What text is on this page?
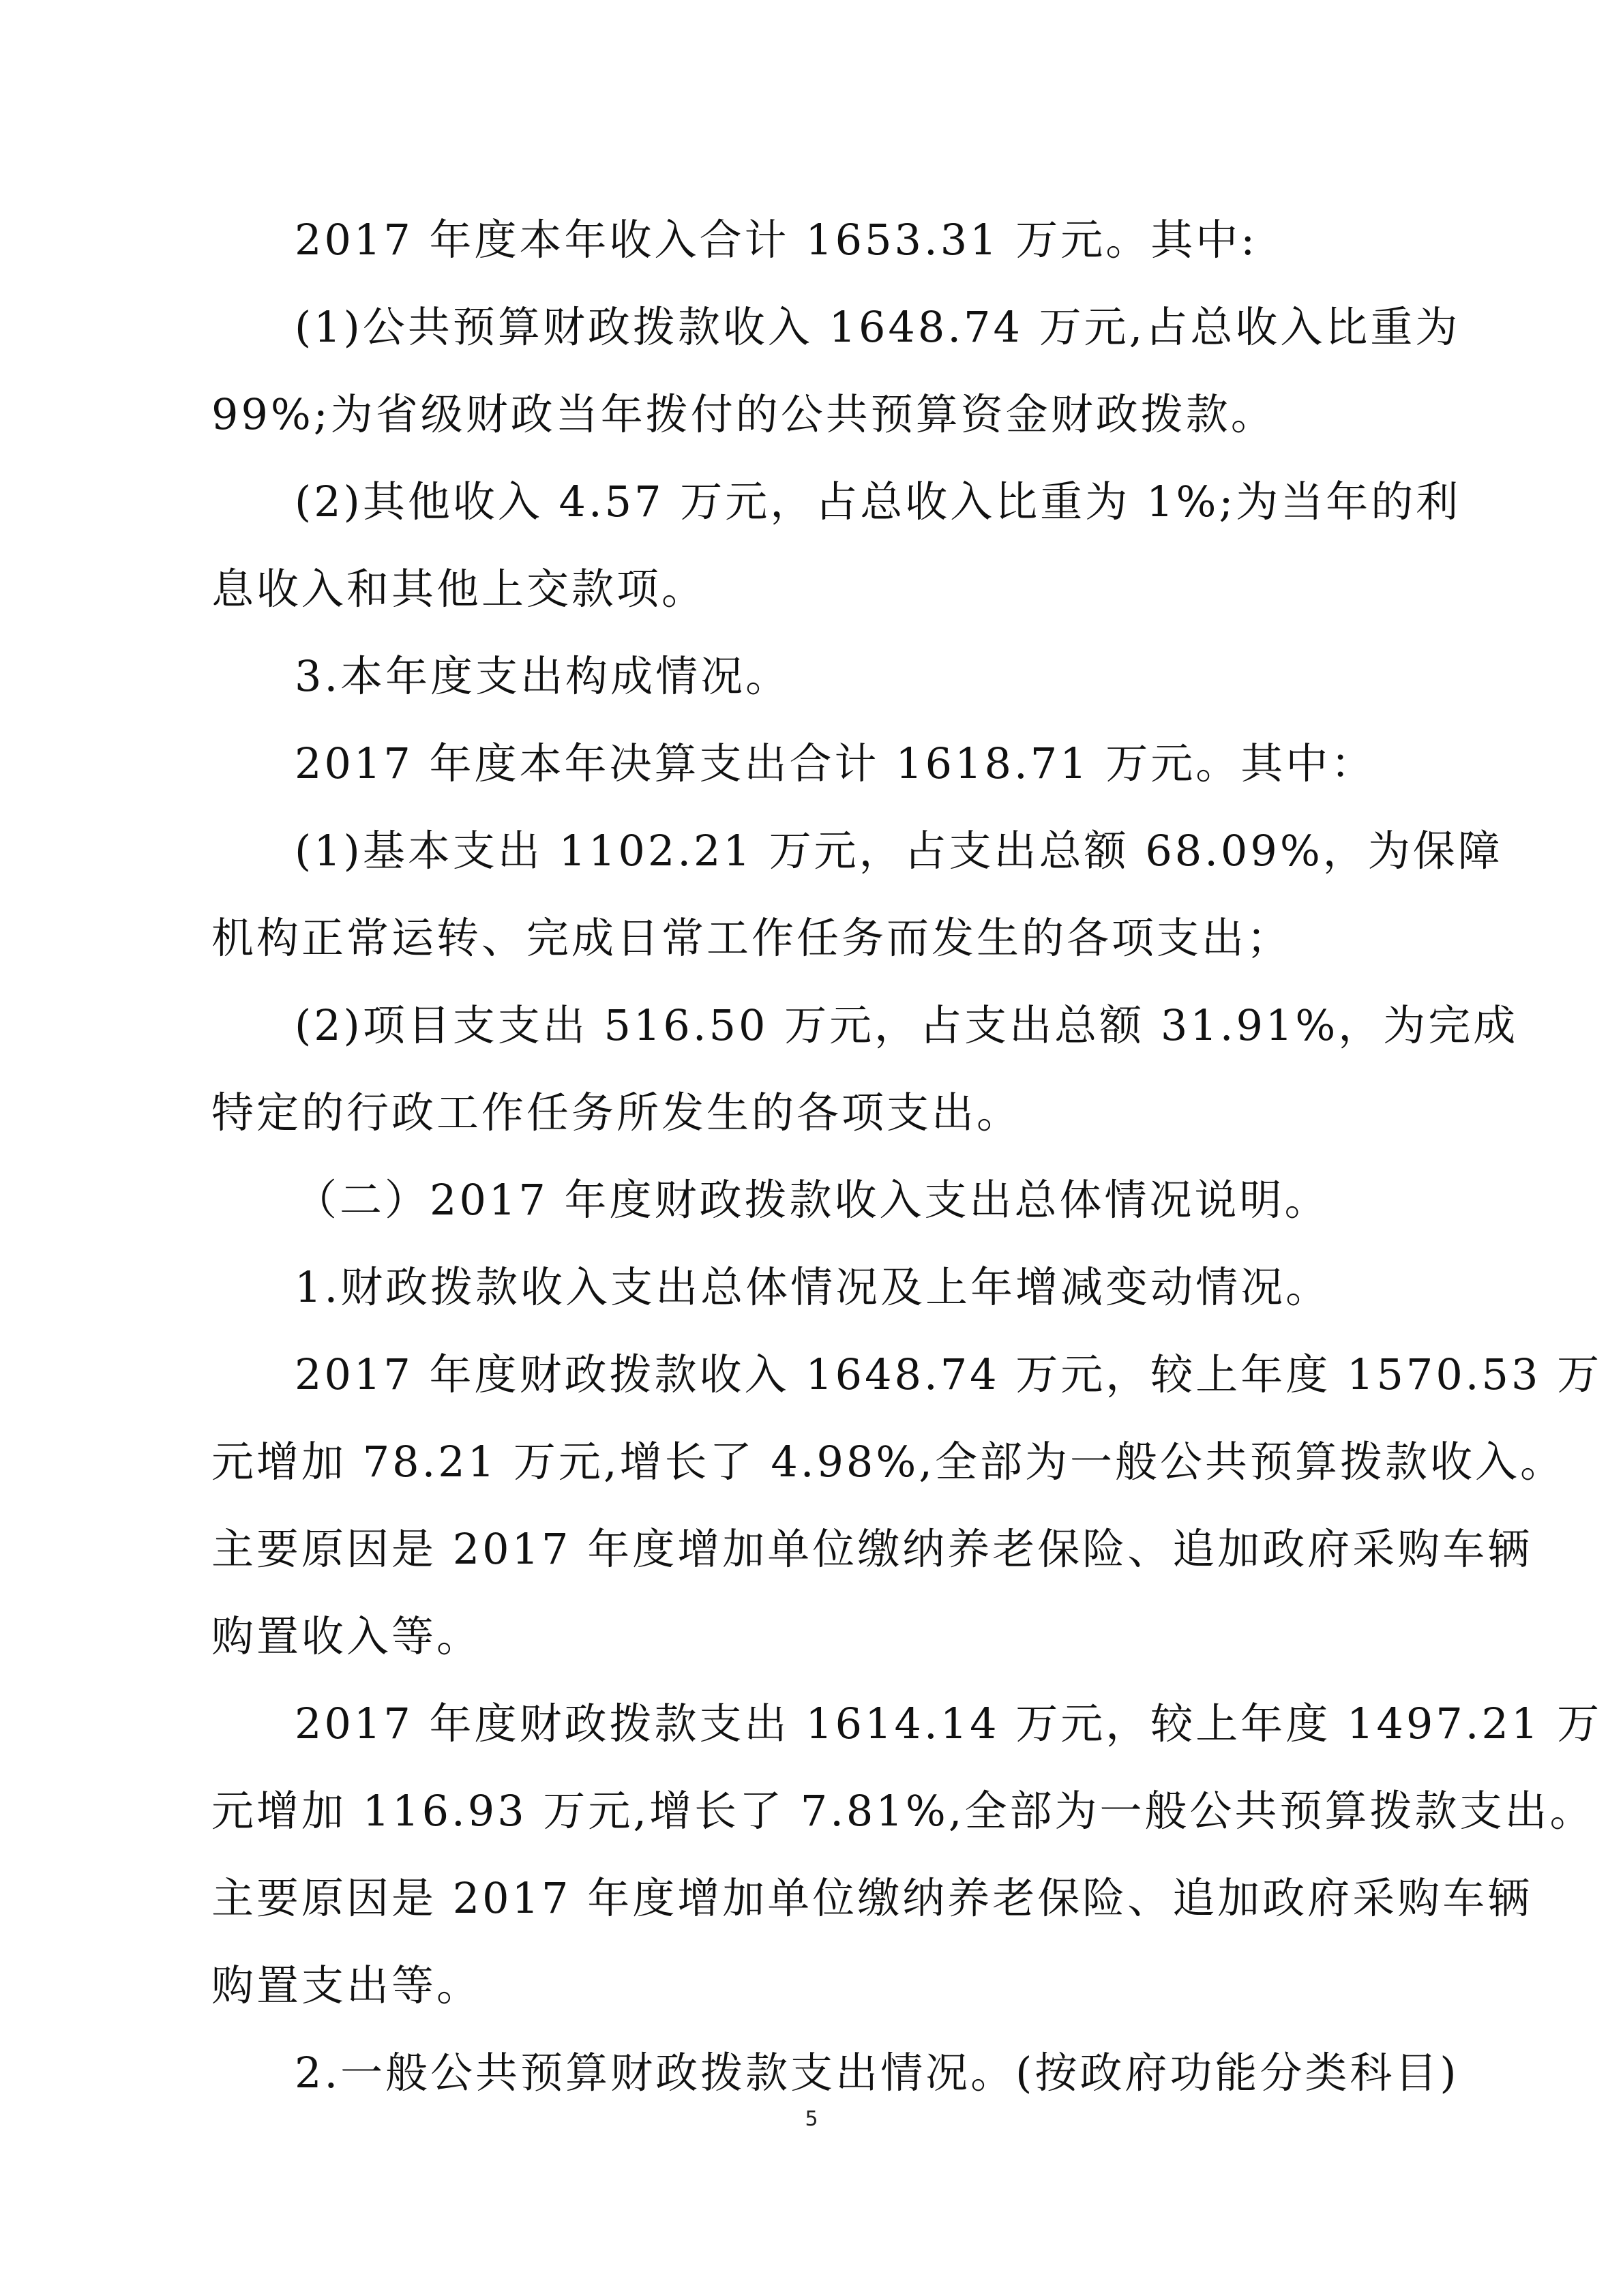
2017 年度本年收入合计 1653.31 万元。其中:
(1)公共预算财政拨款收入 1648.74 万元,占总收入比重为
99%;为省级财政当年拨付的公共预算资金财政拨款。
(2)其他收入 4.57 万元，占总收入比重为 1%;为当年的利
息收入和其他上交款项。
3.本年度支出构成情况。
2017 年度本年决算支出合计 1618.71 万元。其中：
(1)基本支出 1102.21 万元，占支出总额 68.09%，为保障
机构正常运转、完成日常工作任务而发生的各项支出；
(2)项目支支出 516.50 万元，占支出总额 31.91%，为完成
特定的行政工作任务所发生的各项支出。
（二）2017 年度财政拨款收入支出总体情况说明。
1.财政拨款收入支出总体情况及上年增减变动情况。
2017 年度财政拨款收入 1648.74 万元，较上年度 1570.53 万
元增加 78.21 万元,增长了 4.98%,全部为一般公共预算拨款收入。
主要原因是 2017 年度增加单位缴纳养老保险、追加政府采购车辆
购置收入等。
2017 年度财政拨款支出 1614.14 万元，较上年度 1497.21 万
元增加 116.93 万元,增长了 7.81%,全部为一般公共预算拨款支出。
主要原因是 2017 年度增加单位缴纳养老保险、追加政府采购车辆
购置支出等。
2.一般公共预算财政拨款支出情况。(按政府功能分类科目)
5
